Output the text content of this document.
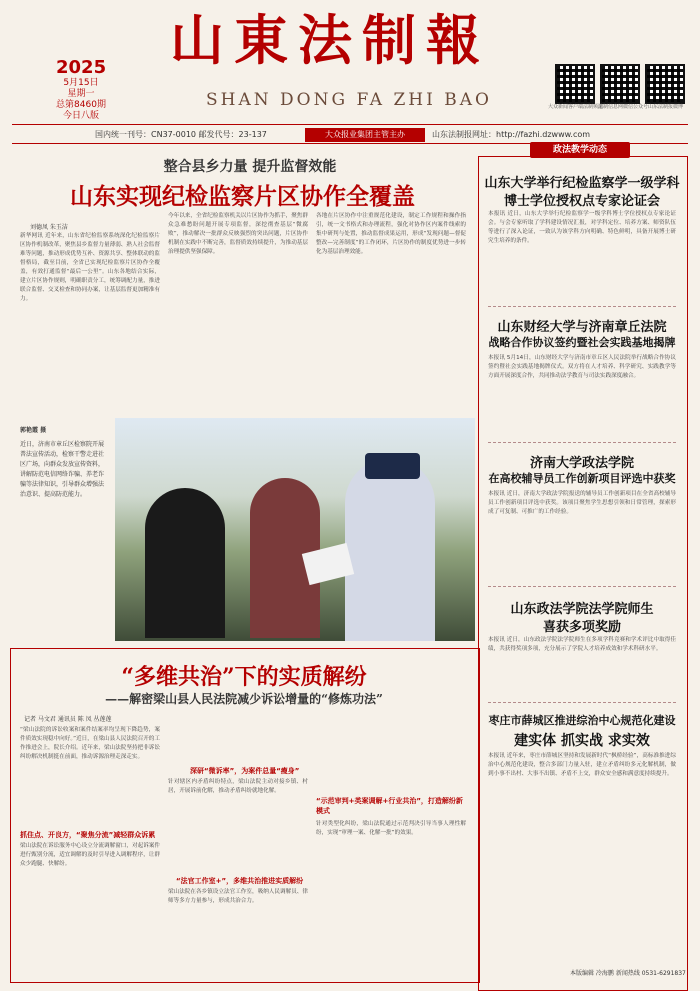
2025
5月15日
星期一
总第8460期
今日八版
山東法制報
SHAN DONG FA ZHI BAO	大众新闻客户端法制频道
法制信息网微信公众号 山东法制报微博
国内统一刊号：CN37-0010 邮发代号：23-137	大众报业集团主管主办	山东法制报网址：http://fazhi.dzwww.com
整合县乡力量 提升监督效能
山东实现纪检监察片区协作全覆盖
刘德凤 朱玉洁
新华网讯 近年来，山东省纪检监察系统深化纪检监察片区协作机制改革，聚焦县乡监督力量薄弱、熟人社会监督难等问题，推动形成优势互补、资源共享、整体联动的监督格局，截至目前，全省已实现纪检监察片区协作全覆盖，有效打通监督“最后一公里”。山东各地结合实际，建立片区协作规则，明确职责分工，统筹调配力量，推进联合监督、交叉检查和协同办案，让基层监督更加精准有力。
今年以来，全省纪检监察机关以片区协作为抓手，聚焦群众急难愁盼问题开展专项监督，深挖彻查基层“微腐败”，推动解决一批群众反映强烈的突出问题，片区协作机制在实践中不断完善，监督质效持续提升，为推动基层治理提供坚强保障。
各地在片区协作中注重规范化建设，制定工作规程和操作指引，统一文书格式和办理流程，强化对协作区内案件线索的集中研判与处置，推动监督成果运用，形成“发现问题—督促整改—完善制度”的工作闭环，片区协作的制度优势进一步转化为基层治理效能。
郭艳霞 摄
近日，济南市章丘区检察院开展普法宣传活动，检察干警走进社区广场，向群众发放宣传资料，讲解防范电信网络诈骗、养老诈骗等法律知识，引导群众增强法治意识、提高防范能力。
政法教学动态
山东大学举行纪检监察学一级学科
博士学位授权点专家论证会
本报讯 近日，山东大学举行纪检监察学一级学科博士学位授权点专家论证会。与会专家听取了学科建设情况汇报，对学科定位、培养方案、师资队伍等进行了深入论证，一致认为该学科方向明确、特色鲜明，具备开展博士研究生培养的条件。
山东财经大学与济南章丘法院
战略合作协议签约暨社会实践基地揭牌
本报讯 5月14日，山东财经大学与济南市章丘区人民法院举行战略合作协议签约暨社会实践基地揭牌仪式。双方将在人才培养、科学研究、实践教学等方面开展深度合作，共同推动法学教育与司法实践深度融合。
济南大学政法学院
在高校辅导员工作创新项目评选中获奖
本报讯 近日，济南大学政法学院报送的辅导员工作创新项目在全省高校辅导员工作创新项目评选中获奖。该项目聚焦学生思想引领和日常管理，探索形成了可复制、可推广的工作经验。
山东政法学院法学院师生
喜获多项奖励
本报讯 近日，山东政法学院法学院师生在多项学科竞赛和学术评比中取得佳绩，共获得奖项多项，充分展示了学院人才培养成效和学术科研水平。
枣庄市薛城区推进综治中心规范化建设
建实体 抓实战 求实效
本报讯 近年来，枣庄市薛城区坚持和发展新时代“枫桥经验”，高标准推进综治中心规范化建设，整合多部门力量入驻，建立矛盾纠纷多元化解机制，做到小事不出村、大事不出镇、矛盾不上交，群众安全感和满意度持续提升。
“多维共治”下的实质解纷
——解密梁山县人民法院减少诉讼增量的“修炼功法”
记者 马文君 通讯员 陈 凤 丛莲莲
“梁山法院的诉讼收案和案件结案率均呈现下降趋势，案件质效实现稳中向好。”近日，在梁山县人民法院召开的工作推进会上，院长介绍。近年来，梁山法院坚持把非诉讼纠纷解决机制挺在前面，推动诉源治理走深走实。
抓住点、开良方，“聚焦分流”减轻群众诉累
梁山法院在诉讼服务中心设立分流调解窗口，对起诉案件进行甄别分流，适宜调解的及时引导进入调解程序，让群众少跑腿、快解纷。
深研“微诉率”，为案件总量“瘦身”
针对辖区内矛盾纠纷特点，梁山法院主动对接乡镇、村居，开展诉前化解，推动矛盾纠纷就地化解。
“法官工作室+”，多维共治推进实质解纷
梁山法院在各乡镇设立法官工作室，吸纳人民调解员、律师等多方力量参与，形成共治合力。
“示范审判+类案调解+行业共治”，打造解纷新模式
针对类型化纠纷，梁山法院通过示范判决引导当事人理性解纷，实现“审理一案、化解一批”的效果。
本版编辑 冷海鹏 新闻热线 0531-6291837
